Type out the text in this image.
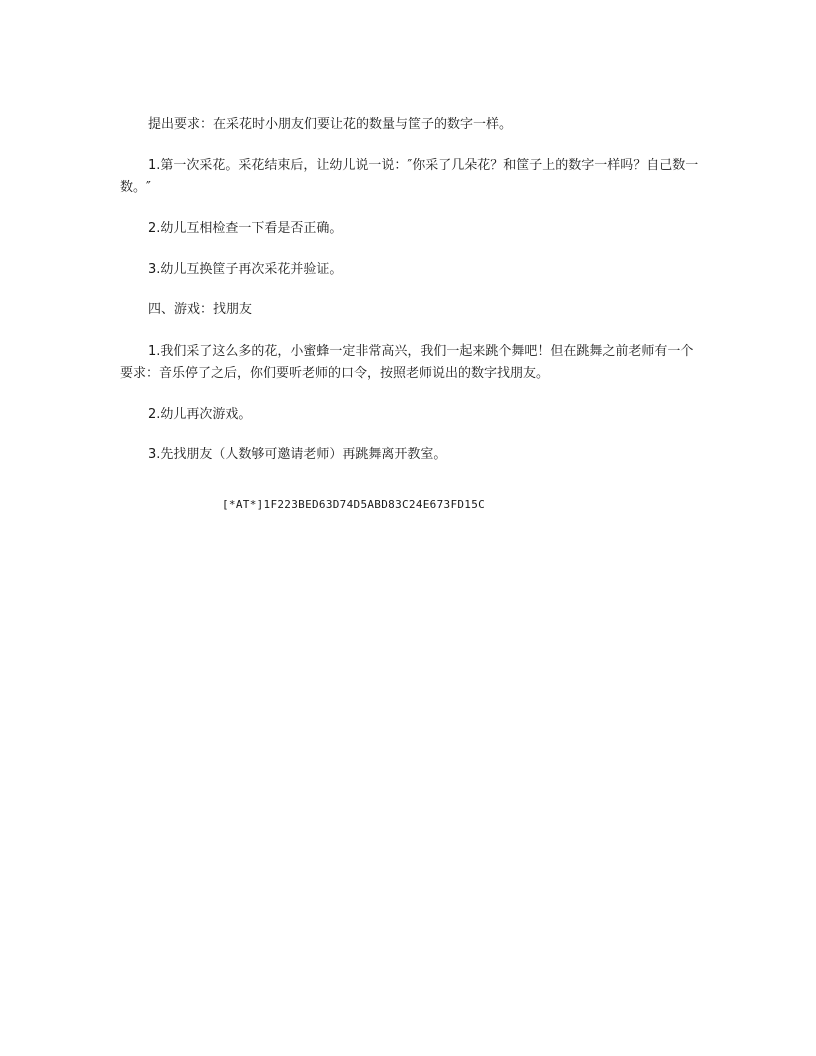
提出要求：在采花时小朋友们要让花的数量与筐子的数字一样。

1.第一次采花。采花结束后，让幼儿说一说：″你采了几朵花？和筐子上的数字一样吗？自己数一数。″

2.幼儿互相检查一下看是否正确。

3.幼儿互换筐子再次采花并验证。

四、游戏：找朋友

1.我们采了这么多的花，小蜜蜂一定非常高兴，我们一起来跳个舞吧！但在跳舞之前老师有一个要求：音乐停了之后，你们要听老师的口令，按照老师说出的数字找朋友。

2.幼儿再次游戏。

3.先找朋友（人数够可邀请老师）再跳舞离开教室。

[*AT*]1F223BED63D74D5ABD83C24E673FD15C
